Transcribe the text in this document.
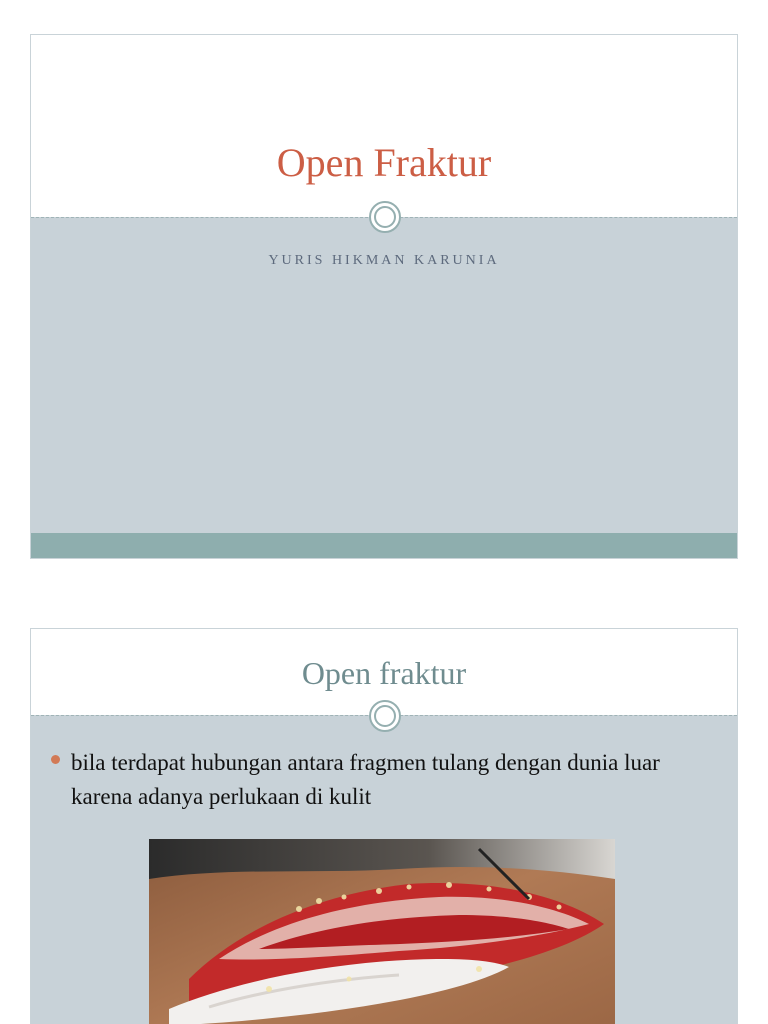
Open Fraktur
YURIS HIKMAN KARUNIA
Open fraktur
bila terdapat hubungan antara fragmen tulang dengan dunia luar karena adanya perlukaan di kulit
